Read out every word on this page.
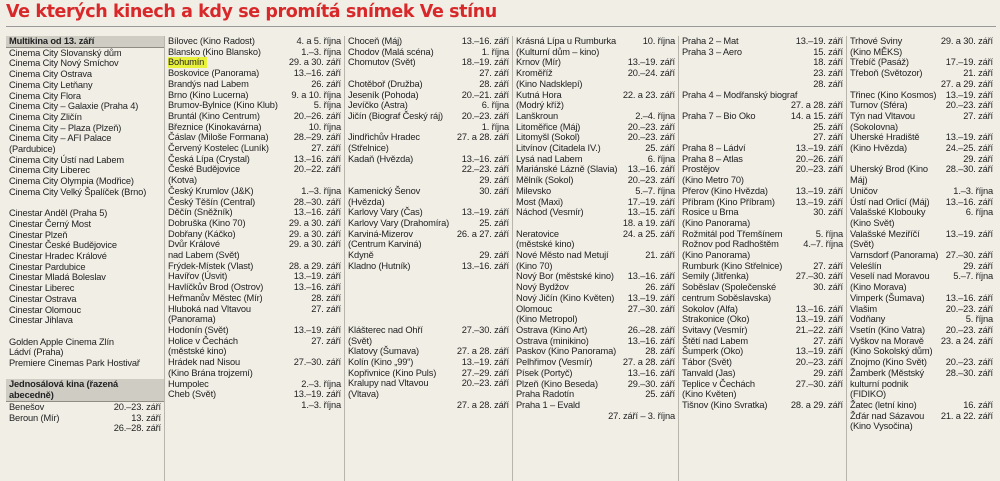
Ve kterých kinech a kdy se promítá snímek Ve stínu
Multikina od 13. září
Cinema City Slovanský dům
Cinema City Nový Smíchov
Cinema City Ostrava
Cinema City Letňany
Cinema City Flora
Cinema City – Galaxie (Praha 4)
Cinema City Zličín
Cinema City – Plaza (Plzeň)
Cinema City – AFI Palace
(Pardubice)
Cinema City Ústí nad Labem
Cinema City Liberec
Cinema City Olympia (Modřice)
Cinema City Velký Špalíček (Brno)
Cinestar Anděl (Praha 5)
Cinestar Černý Most
Cinestar Plzeň
Cinestar České Budějovice
Cinestar Hradec Králové
Cinestar Pardubice
Cinestar Mladá Boleslav
Cinestar Liberec
Cinestar Ostrava
Cinestar Olomouc
Cinestar Jihlava
Golden Apple Cinema Zlín
Ládví (Praha)
Premiere Cinemas Park Hostivař
Jednosálová kina (řazená abecedně)
Benešov	20.–23. září
Beroun (Mír)	13. září
26.–28. září
Bílovec (Kino Radost)	4. a 5. října
Blansko (Kino Blansko)	1.–3. října
Bohumín	29. a 30. září
Boskovice (Panorama)	13.–16. září
Brandýs nad Labem	26. září
Brno (Kino Lucerna)	9. a 10. října
Brumov-Bylnice (Kino Klub)	5. října
Bruntál (Kino Centrum)	20.–26. září
Březnice (Kinokavárna)	10. října
Čáslav (Miloše Formana)	28.–29. září
Červený Kostelec (Luník)	27. září
Česká Lípa (Crystal)	13.–16. září
České Budějovice
(Kotva)
20.–22. září
Český Krumlov (J&K)	1.–3. října
Český Těšín (Central)	28.–30. září
Děčín (Sněžník)	13.–16. září
Dobruška (Kino 70)	29. a 30. září
Dobřany (Káčko)	29. a 30. září
Dvůr Králové
nad Labem (Svět)
29. a 30. září
Frýdek-Místek (Vlast)	28. a 29. září
Havířov (Úsvit)	13.–19. září
Havlíčkův Brod (Ostrov)	13.–16. září
Heřmanův Městec (Mír)	28. září
Hluboká nad Vltavou
(Panorama)
27. září
Hodonín (Svět)	13.–19. září
Holice v Čechách
(městské kino)
27. září
Hrádek nad Nisou
(Kino Brána trojzemí)
27.–30. září
Humpolec	2.–3. října
Cheb (Svět)	13.–19. září
1.–3. října
Choceň (Máj)	13.–16. září
Chodov (Malá scéna)	1. října
Chomutov (Svět)	18.–19. září
27. září
Chotěboř (Družba)	28. září
Jeseník (Pohoda)	20.–21. září
Jevíčko (Astra)	6. října
Jičín (Biograf Český ráj)	20.–23. září
1. října
Jindřichův Hradec
(Střelnice)
27. a 28. září
Kadaň (Hvězda)	13.–16. září
22.–23. září
29. září
Kamenický Šenov
(Hvězda)
30. září
Karlovy Vary (Čas)	13.–19. září
Karlovy Vary (Drahomíra)	25. září
Karviná-Mizerov
(Centrum Karviná)
26. a 27. září
Kdyně	29. září
Kladno (Hutník)	13.–16. září
Klášterec nad Ohří
(Svět)
27.–30. září
Klatovy (Šumava)	27. a 28. září
Kolín (Kino „99“)	13.–19. září
Kopřivnice (Kino Puls)	27.–29. září
Kralupy nad Vltavou
(Vltava)
20.–23. září
27. a 28. září
Krásná Lípa u Rumburka
(Kulturní dům – kino)
10. října
Krnov (Mír)	13.–19. září
Kroměříž
(Kino Nadsklepí)
20.–24. září
Kutná Hora
(Modrý kříž)
22. a 23. září
Lanškroun	2.–4. října
Litoměřice (Máj)	20.–23. září
Litomyšl (Sokol)	20.–23. září
Litvínov (Citadela IV.)	25. září
Lysá nad Labem	6. října
Mariánské Lázně (Slavia)	13.–16. září
Mělník (Sokol)	20.–23. září
Milevsko	5.–7. října
Most (Maxi)	17.–19. září
Náchod (Vesmír)	13.–15. září
18. a 19. září
Neratovice
(městské kino)
24. a 25. září
Nové Město nad Metují
(Kino 70)
21. září
Nový Bor (městské kino)	13.–16. září
Nový Bydžov	26. září
Nový Jičín (Kino Květen)	13.–19. září
Olomouc
(Kino Metropol)
27.–30. září
Ostrava (Kino Art)	26.–28. září
Ostrava (minikino)	13.–16. září
Paskov (Kino Panorama)	28. září
Pelhřimov (Vesmír)	27. a 28. září
Písek (Portyč)	13.–16. září
Plzeň (Kino Beseda)	29.–30. září
Praha Radotín	25. září
Praha 1 – Evald
27. září – 3. října
Praha 2 – Mat	13.–19. září
Praha 3 – Aero	15. září
18. září
23. září
28. září
Praha 4 – Modřanský biograf
27. a 28. září
Praha 7 – Bio Oko	14. a 15. září
25. září
27. září
Praha 8 – Ládví	13.–19. září
Praha 8 – Atlas	20.–26. září
Prostějov
(Kino Metro 70)
20.–23. září
Přerov (Kino Hvězda)	13.–19. září
Příbram (Kino Příbram)	13.–19. září
Rosice u Brna
(Kino Panorama)
30. září
Rožmitál pod Třemšínem	5. října
Rožnov pod Radhoštěm
(Kino Panorama)
4.–7. října
Rumburk (Kino Střelnice)	27. září
Semily (Jitřenka)	27.–30. září
Soběslav (Společenské
centrum Soběslavska)
30. září
Sokolov (Alfa)	13.–16. září
Strakonice (Oko)	13.–19. září
Svitavy (Vesmír)	21.–22. září
Štětí nad Labem	27. září
Šumperk (Oko)	13.–19. září
Tábor (Svět)	20.–23. září
Tanvald (Jas)	29. září
Teplice v Čechách
(Kino Květen)
27.–30. září
Tišnov (Kino Svratka)	28. a 29. září
Trhové Sviny	29. a 30. září
(Kino MĚKS)
Třebíč (Pasáž)	17.–19. září
Třeboň (Světozor)	21. září
27. a 29. září
Třinec (Kino Kosmos) 13.–19. září
Turnov (Sféra)	20.–23. září
Týn nad Vltavou
(Sokolovna)
27. září
Uherské Hradiště	13.–19. září
(Kino Hvězda)	24.–25. září
29. září
Uherský Brod (Kino Máj)
28.–30. září
Uničov	1.–3. října
Ústí nad Orlicí (Máj)	13.–16. září
Valašské Klobouky
(Kino Svět)
6. října
Valašské Meziříčí (Svět)
13.–19. září
Varnsdorf (Panorama) 27.–30. září
Veleślín	29. září
Veselí nad Moravou
(Kino Morava)
5.–7. října
Vimperk (Šumava)	13.–16. září
Vlašim	20.–23. září
Vodňany	5. října
Vsetín (Kino Vatra)	20.–23. září
Vyškov na Moravě	23. a 24. září
(Kino Sokolský dům)
Znojmo (Kino Svět)	20.–23. září
Žamberk (Městský
kulturní podnik (FIDIKO)
28.–30. září
Žatec (letní kino)	16. září
Žďár nad Sázavou
(Kino Vysočina)
21. a 22. září
